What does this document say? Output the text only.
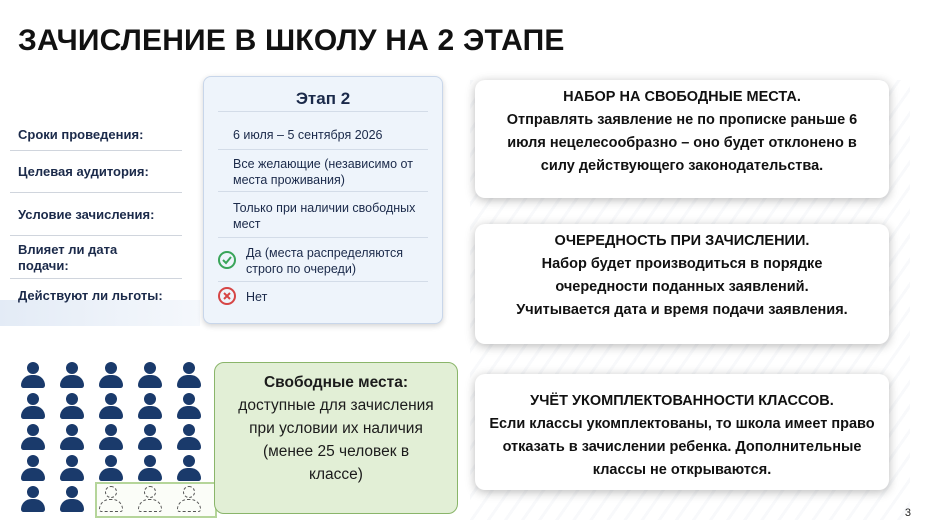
ЗАЧИСЛЕНИЕ В ШКОЛУ НА 2 ЭТАПЕ
Сроки проведения:
Целевая аудитория:
Условие зачисления:
Влияет ли дата подачи:
Действуют ли льготы:
Этап 2
6 июля – 5 сентября 2026
Все желающие (независимо от места проживания)
Только при наличии свободных мест
Да (места распределяются строго по очереди)
Нет
НАБОР НА СВОБОДНЫЕ МЕСТА.
Отправлять заявление не по прописке раньше 6 июля нецелесообразно – оно будет отклонено в силу действующего законодательства.
ОЧЕРЕДНОСТЬ ПРИ ЗАЧИСЛЕНИИ.
Набор будет производиться в порядке очередности поданных заявлений. Учитывается дата и время подачи заявления.
УЧЁТ УКОМПЛЕКТОВАННОСТИ КЛАССОВ.
Если классы укомплектованы, то школа имеет право отказать в зачислении ребенка. Дополнительные классы не открываются.
Свободные места:
доступные для зачисления при условии их наличия
(менее 25 человек в классе)
3
